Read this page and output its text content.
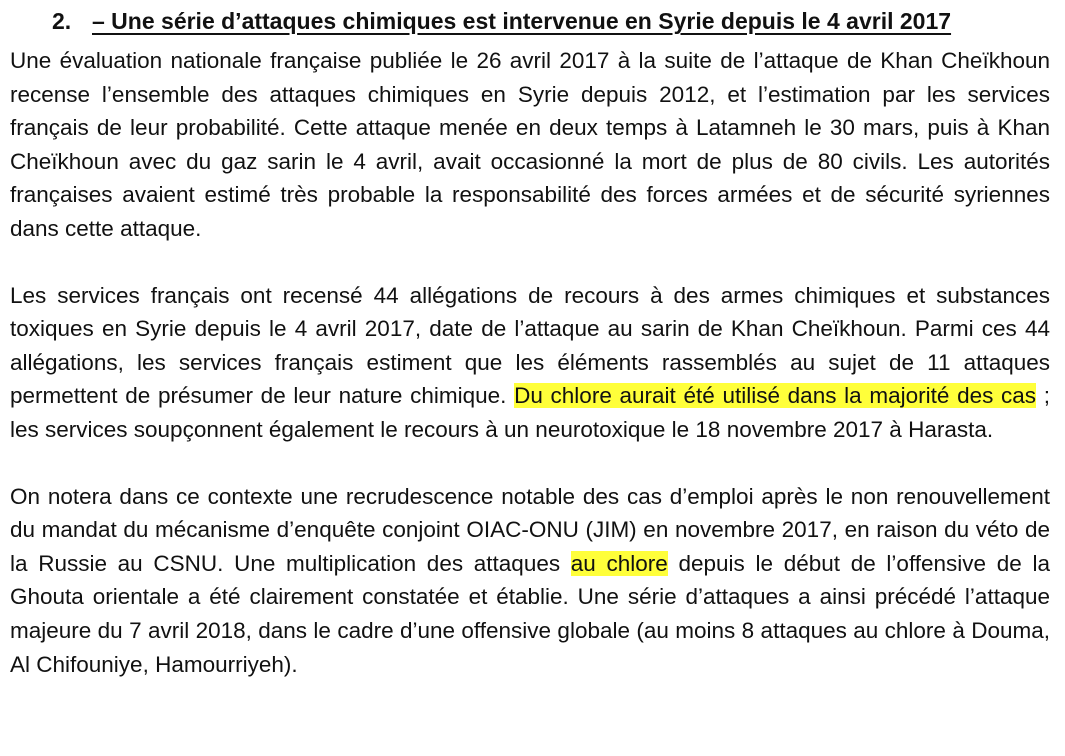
2. – Une série d’attaques chimiques est intervenue en Syrie depuis le 4 avril 2017

Une évaluation nationale française publiée le 26 avril 2017 à la suite de l’attaque de Khan Cheïkhoun recense l’ensemble des attaques chimiques en Syrie depuis 2012, et l’estimation par les services français de leur probabilité. Cette attaque menée en deux temps à Latamneh le 30 mars, puis à Khan Cheïkhoun avec du gaz sarin le 4 avril, avait occasionné la mort de plus de 80 civils. Les autorités françaises avaient estimé très probable la responsabilité des forces armées et de sécurité syriennes dans cette attaque.

Les services français ont recensé 44 allégations de recours à des armes chimiques et substances toxiques en Syrie depuis le 4 avril 2017, date de l’attaque au sarin de Khan Cheïkhoun. Parmi ces 44 allégations, les services français estiment que les éléments rassemblés au sujet de 11 attaques permettent de présumer de leur nature chimique. Du chlore aurait été utilisé dans la majorité des cas ; les services soupçonnent également le recours à un neurotoxique le 18 novembre 2017 à Harasta.

On notera dans ce contexte une recrudescence notable des cas d’emploi après le non renouvellement du mandat du mécanisme d’enquête conjoint OIAC-ONU (JIM) en novembre 2017, en raison du véto de la Russie au CSNU. Une multiplication des attaques au chlore depuis le début de l’offensive de la Ghouta orientale a été clairement constatée et établie. Une série d’attaques a ainsi précédé l’attaque majeure du 7 avril 2018, dans le cadre d’une offensive globale (au moins 8 attaques au chlore à Douma, Al Chifouniye, Hamourriyeh).
